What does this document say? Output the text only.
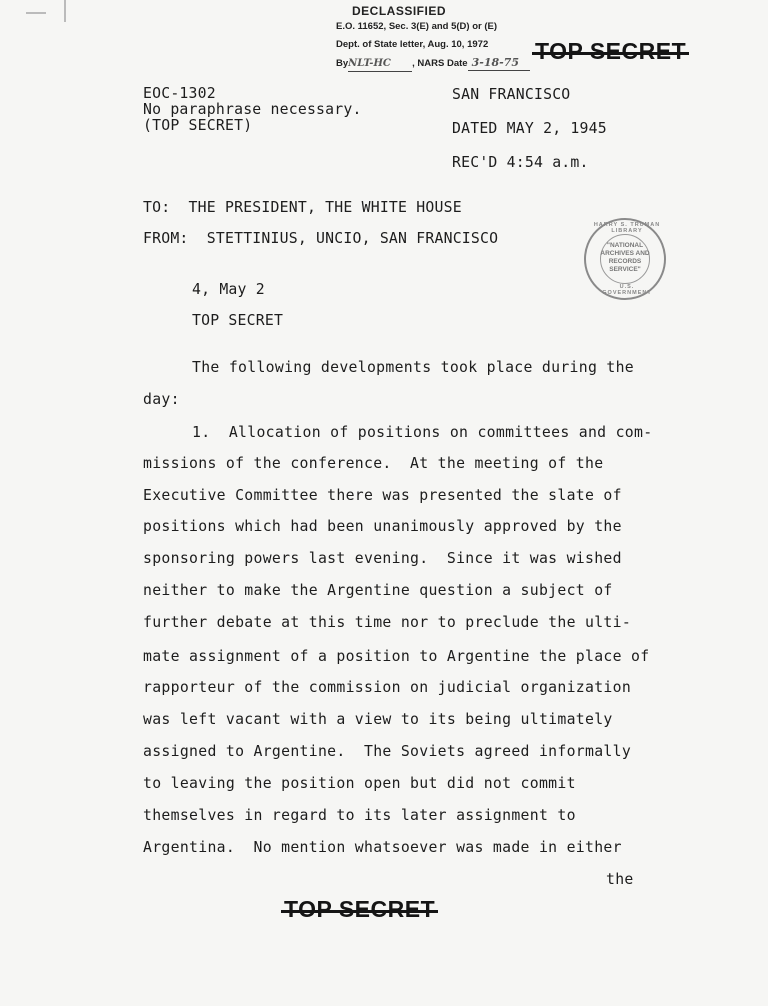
DECLASSIFIED
E.O. 11652, Sec. 3(E) and 5(D) or (E)
Dept. of State letter, Aug. 10, 1972
ByNLT-HC , NARS Date 3-18-75
EOC-1302
No paraphrase necessary.
(TOP SECRET)
SAN FRANCISCO
DATED MAY 2, 1945
REC'D 4:54 a.m.
TO:  THE PRESIDENT, THE WHITE HOUSE
FROM:  STETTINIUS, UNCIO, SAN FRANCISCO
HARRY S. TRUMAN LIBRARY
"NATIONAL
ARCHIVES AND
RECORDS
SERVICE"
U.S. GOVERNMENT
4, May 2
TOP SECRET
The following developments took place during the
day:
1.  Allocation of positions on committees and com-
missions of the conference.  At the meeting of the
Executive Committee there was presented the slate of
positions which had been unanimously approved by the
sponsoring powers last evening.  Since it was wished
neither to make the Argentine question a subject of
further debate at this time nor to preclude the ulti-
mate assignment of a position to Argentine the place of
rapporteur of the commission on judicial organization
was left vacant with a view to its being ultimately
assigned to Argentine.  The Soviets agreed informally
to leaving the position open but did not commit
themselves in regard to its later assignment to
Argentina.  No mention whatsoever was made in either
the
